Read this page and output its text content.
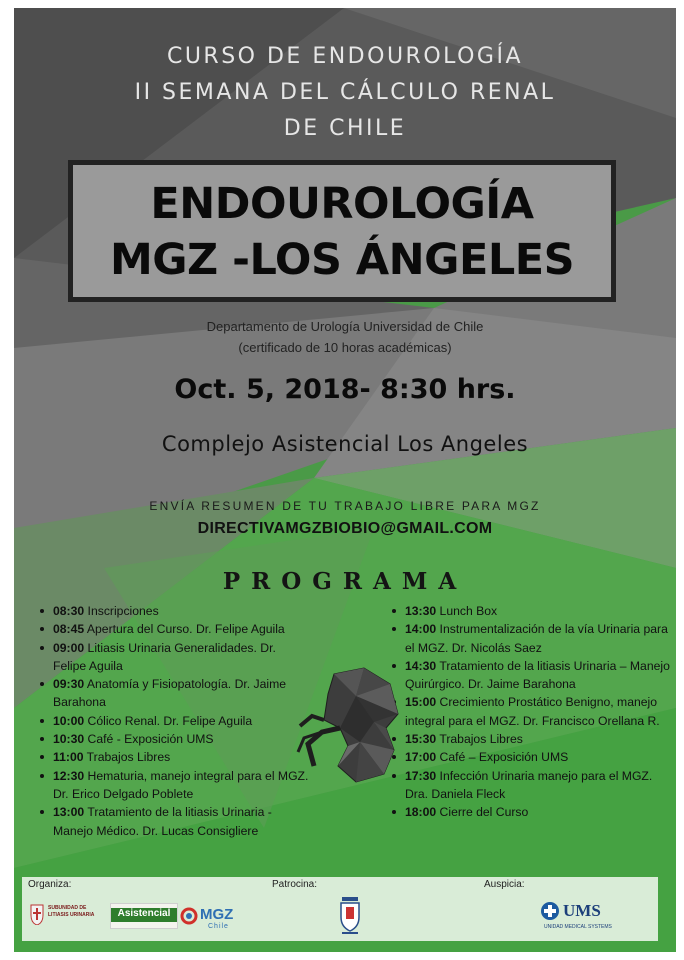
CURSO DE ENDOUROLOGÍA
II SEMANA DEL CÁLCULO RENAL
DE CHILE
ENDOUROLOGÍA
MGZ -LOS ÁNGELES
Departamento de Urología Universidad de Chile
(certificado de 10 horas académicas)
Oct. 5, 2018- 8:30 hrs.
Complejo Asistencial Los Angeles
ENVÍA RESUMEN DE TU TRABAJO LIBRE PARA MGZ
DIRECTIVAMGZBIOBIO@GMAIL.COM
PROGRAMA
08:30 Inscripciones
08:45 Apertura del Curso. Dr. Felipe Aguila
09:00 Litiasis Urinaria Generalidades. Dr. Felipe Aguila
09:30 Anatomía y Fisiopatología. Dr. Jaime Barahona
10:00 Cólico Renal. Dr. Felipe Aguila
10:30 Café - Exposición UMS
11:00 Trabajos Libres
12:30 Hematuria, manejo integral para el MGZ. Dr. Erico Delgado Poblete
13:00 Tratamiento de la litiasis Urinaria - Manejo Médico. Dr. Lucas Consigliere
13:30 Lunch Box
14:00 Instrumentalización de la vía Urinaria para el MGZ. Dr. Nicolás Saez
14:30 Tratamiento de la litiasis Urinaria – Manejo Quirúrgico. Dr. Jaime Barahona
15:00 Crecimiento Prostático Benigno, manejo integral para el MGZ. Dr. Francisco Orellana R.
15:30 Trabajos Libres
17:00 Café – Exposición UMS
17:30 Infección Urinaria manejo para el MGZ. Dra. Daniela Fleck
18:00 Cierre del Curso
Organiza:	Patrocina:	Auspicia:
SUBUNIDAD DE
LITIASIS URINARIA	Asistencial	MGZ
Chile
UMS
UNIDAD MEDICAL SYSTEMS
